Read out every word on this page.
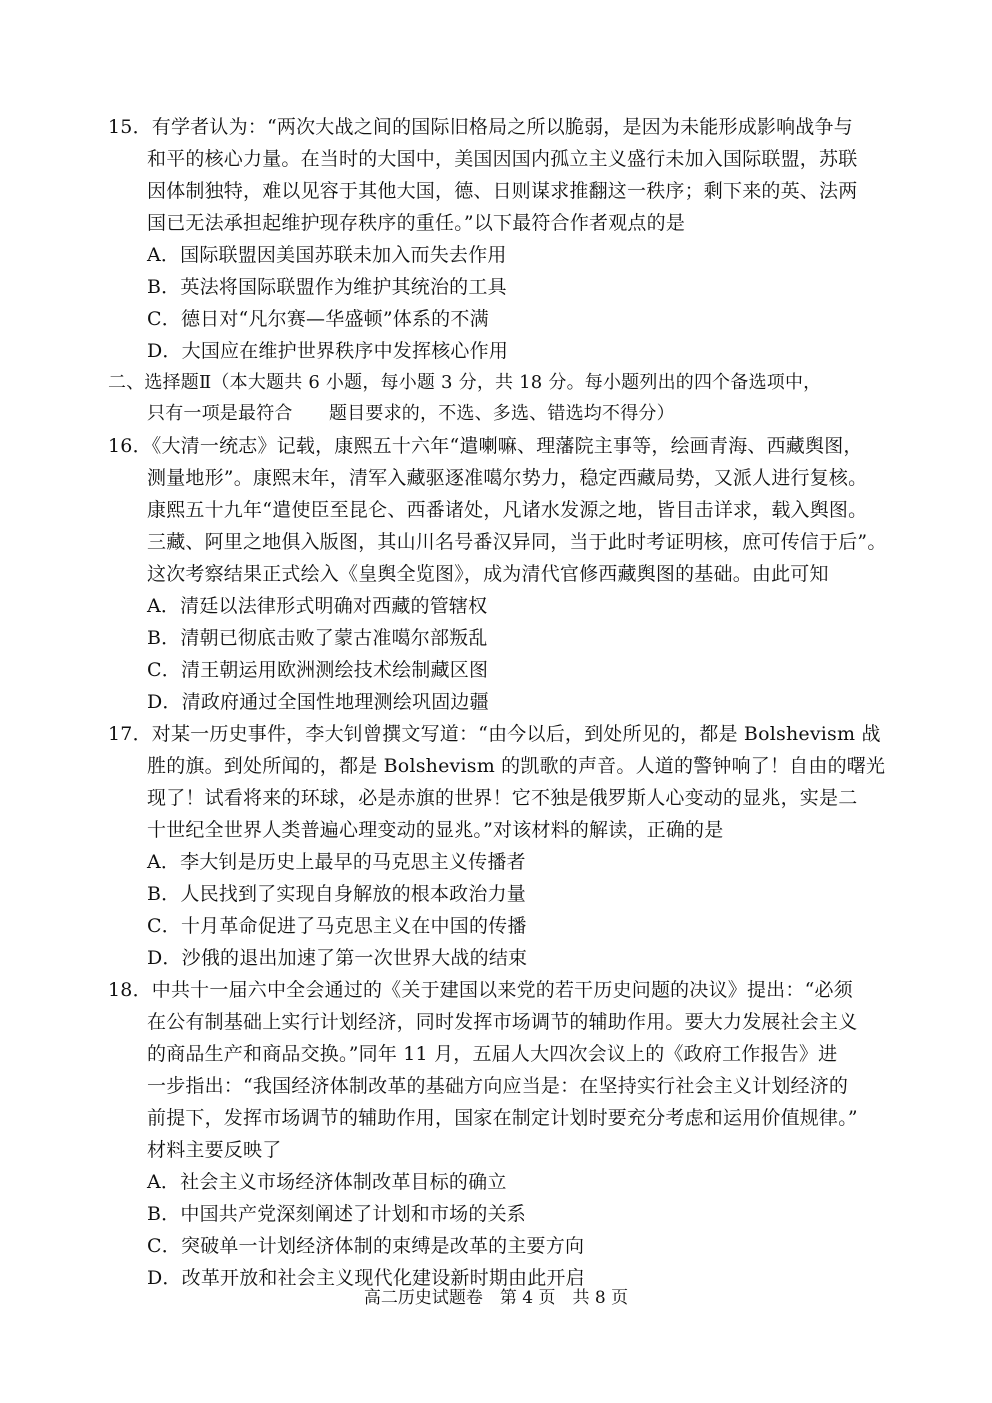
15．有学者认为：“两次大战之间的国际旧格局之所以脆弱，是因为未能形成影响战争与
和平的核心力量。在当时的大国中，美国因国内孤立主义盛行未加入国际联盟，苏联
因体制独特，难以见容于其他大国，德、日则谋求推翻这一秩序；剩下来的英、法两
国已无法承担起维护现存秩序的重任。”以下最符合作者观点的是
A．国际联盟因美国苏联未加入而失去作用
B．英法将国际联盟作为维护其统治的工具
C．德日对“凡尔赛—华盛顿”体系的不满
D．大国应在维护世界秩序中发挥核心作用
二、选择题Ⅱ（本大题共 6 小题，每小题 3 分，共 18 分。每小题列出的四个备选项中，
只有一项是最符合　　题目要求的，不选、多选、错选均不得分）
16．《大清一统志》记载，康熙五十六年“遣喇嘛、理藩院主事等，绘画青海、西藏舆图，
测量地形”。康熙末年，清军入藏驱逐准噶尔势力，稳定西藏局势，又派人进行复核。
康熙五十九年“遣使臣至昆仑、西番诸处，凡诸水发源之地，皆目击详求，载入舆图。
三藏、阿里之地俱入版图，其山川名号番汉异同，当于此时考证明核，庶可传信于后”。
这次考察结果正式绘入《皇舆全览图》，成为清代官修西藏舆图的基础。由此可知
A．清廷以法律形式明确对西藏的管辖权
B．清朝已彻底击败了蒙古准噶尔部叛乱
C．清王朝运用欧洲测绘技术绘制藏区图
D．清政府通过全国性地理测绘巩固边疆
17．对某一历史事件，李大钊曾撰文写道：“由今以后，到处所见的，都是 Bolshevism 战
胜的旗。到处所闻的，都是 Bolshevism 的凯歌的声音。人道的警钟响了！自由的曙光
现了！试看将来的环球，必是赤旗的世界！它不独是俄罗斯人心变动的显兆，实是二
十世纪全世界人类普遍心理变动的显兆。”对该材料的解读，正确的是
A．李大钊是历史上最早的马克思主义传播者
B．人民找到了实现自身解放的根本政治力量
C．十月革命促进了马克思主义在中国的传播
D．沙俄的退出加速了第一次世界大战的结束
18．中共十一届六中全会通过的《关于建国以来党的若干历史问题的决议》提出：“必须
在公有制基础上实行计划经济，同时发挥市场调节的辅助作用。要大力发展社会主义
的商品生产和商品交换。”同年 11 月，五届人大四次会议上的《政府工作报告》进
一步指出：“我国经济体制改革的基础方向应当是：在坚持实行社会主义计划经济的
前提下，发挥市场调节的辅助作用，国家在制定计划时要充分考虑和运用价值规律。”
材料主要反映了
A．社会主义市场经济体制改革目标的确立
B．中国共产党深刻阐述了计划和市场的关系
C．突破单一计划经济体制的束缚是改革的主要方向
D．改革开放和社会主义现代化建设新时期由此开启
高二历史试题卷　第 4 页　共 8 页
